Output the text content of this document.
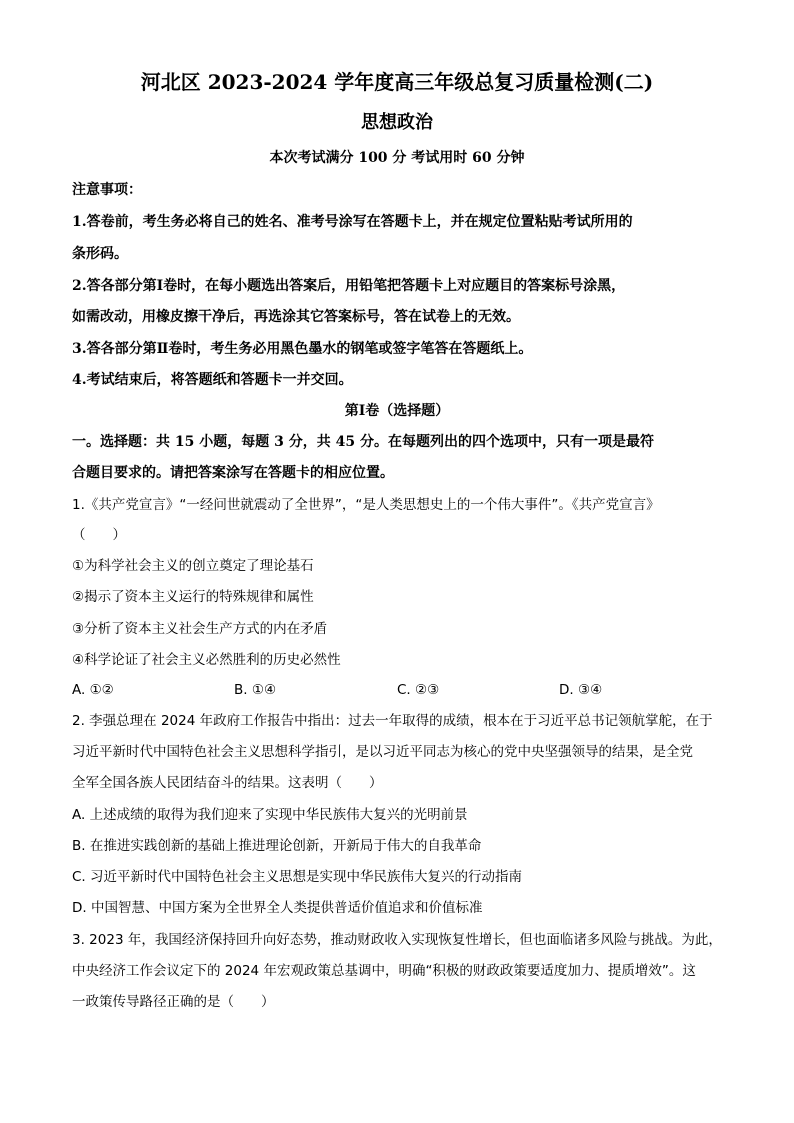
河北区 2023-2024 学年度高三年级总复习质量检测(二)
思想政治
本次考试满分 100 分 考试用时 60 分钟
注意事项：
1.答卷前，考生务必将自己的姓名、准考号涂写在答题卡上，并在规定位置粘贴考试所用的
条形码。
2.答各部分第Ⅰ卷时，在每小题选出答案后，用铅笔把答题卡上对应题目的答案标号涂黑，
如需改动，用橡皮擦干净后，再选涂其它答案标号，答在试卷上的无效。
3.答各部分第Ⅱ卷时，考生务必用黑色墨水的钢笔或签字笔答在答题纸上。
4.考试结束后，将答题纸和答题卡一并交回。
第Ⅰ卷（选择题）
一。选择题：共 15 小题，每题 3 分，共 45 分。在每题列出的四个选项中，只有一项是最符
合题目要求的。请把答案涂写在答题卡的相应位置。
1.《共产党宣言》“一经问世就震动了全世界”，“是人类思想史上的一个伟大事件”。《共产党宣言》
（　　）
①为科学社会主义的创立奠定了理论基石
②揭示了资本主义运行的特殊规律和属性
③分析了资本主义社会生产方式的内在矛盾
④科学论证了社会主义必然胜利的历史必然性
A. ①②	B. ①④	C. ②③	D. ③④
2. 李强总理在 2024 年政府工作报告中指出：过去一年取得的成绩，根本在于习近平总书记领航掌舵，在于
习近平新时代中国特色社会主义思想科学指引，是以习近平同志为核心的党中央坚强领导的结果，是全党
全军全国各族人民团结奋斗的结果。这表明（　　）
A. 上述成绩的取得为我们迎来了实现中华民族伟大复兴的光明前景
B. 在推进实践创新的基础上推进理论创新，开新局于伟大的自我革命
C. 习近平新时代中国特色社会主义思想是实现中华民族伟大复兴的行动指南
D. 中国智慧、中国方案为全世界全人类提供普适价值追求和价值标准
3. 2023 年，我国经济保持回升向好态势，推动财政收入实现恢复性增长，但也面临诸多风险与挑战。为此，
中央经济工作会议定下的 2024 年宏观政策总基调中，明确“积极的财政政策要适度加力、提质增效”。这
一政策传导路径正确的是（　　）
